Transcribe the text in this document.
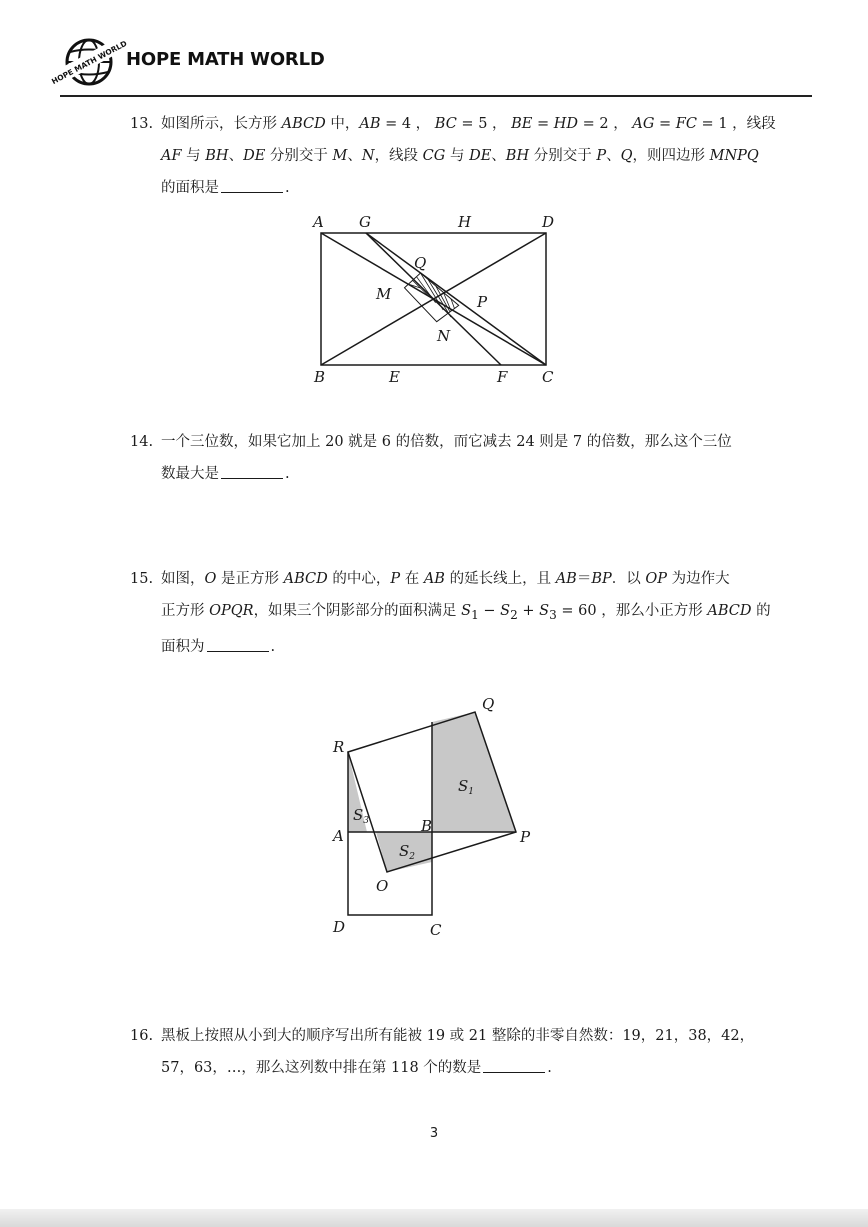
HOPE MATH WORLD
HOPE MATH WORLD
13. 如图所示，长方形 ABCD 中，AB = 4 ， BC = 5 ， BE = HD = 2 ， AG = FC = 1 ，线段
AF 与 BH、DE 分别交于 M、N，线段 CG 与 DE、BH 分别交于 P、Q，则四边形 MNPQ
的面积是	.
A G	H	D
Q
M	P
N
B	E	F C
14. 一个三位数，如果它加上 20 就是 6 的倍数，而它减去 24 则是 7 的倍数，那么这个三位
数最大是	.
15. 如图，O 是正方形 ABCD 的中心，P 在 AB 的延长线上，且 AB＝BP．以 OP 为边作大
正方形 OPQR，如果三个阴影部分的面积满足 $S_1 - S_2 + S_3 = 60$ ，那么小正方形 ABCD 的
面积为	.
Q
R
$S_1$
$S_3$
A
B
P
$S_2$
O
D	C
16. 黑板上按照从小到大的顺序写出所有能被 19 或 21 整除的非零自然数：19，21，38，42，
57，63，…，那么这列数中排在第 118 个的数是	.
3
